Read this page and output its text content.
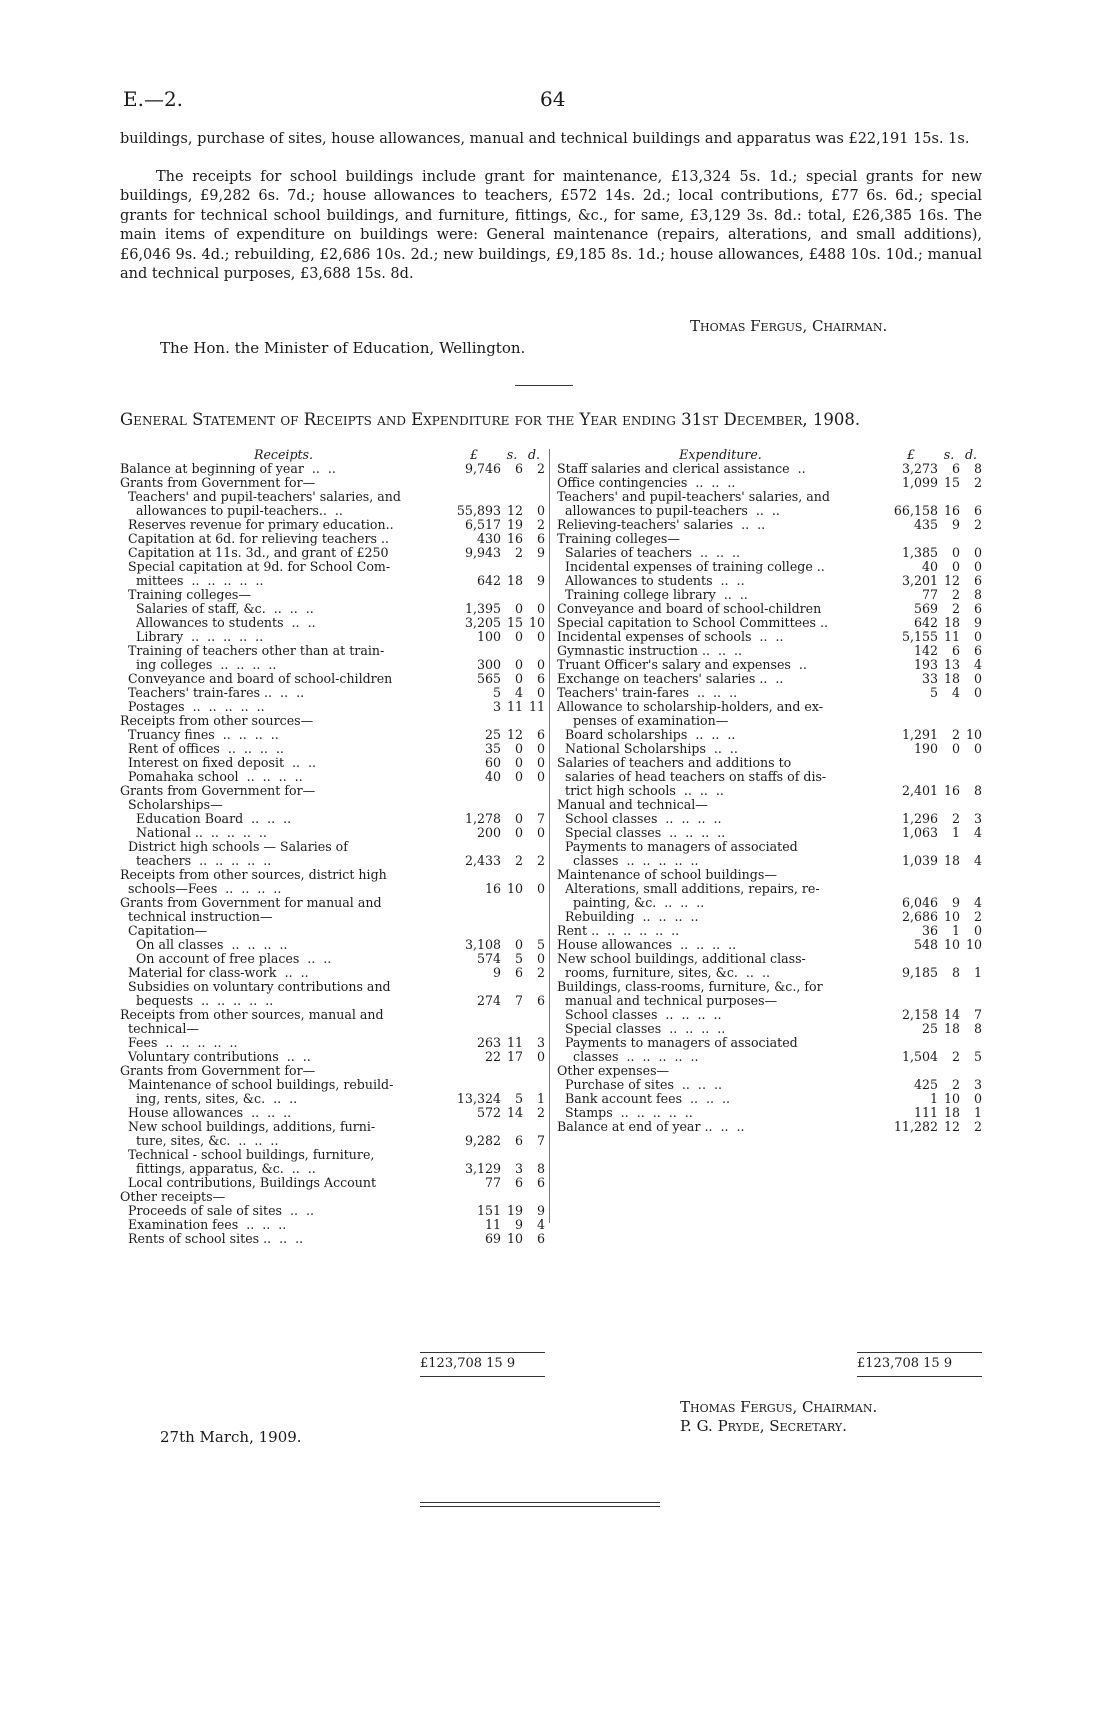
E.—2.	64
buildings, purchase of sites, house allowances, manual and technical buildings and apparatus was £22,191 15s. 1s.
The receipts for school buildings include grant for maintenance, £13,324 5s. 1d.; special grants for new buildings, £9,282 6s. 7d.; house allowances to teachers, £572 14s. 2d.; local contributions, £77 6s. 6d.; special grants for technical school buildings, and furniture, fittings, &c., for same, £3,129 3s. 8d.: total, £26,385 16s. The main items of expenditure on buildings were: General maintenance (repairs, alterations, and small additions), £6,046 9s. 4d.; rebuilding, £2,686 10s. 2d.; new buildings, £9,185 8s. 1d.; house allowances, £488 10s. 10d.; manual and technical purposes, £3,688 15s. 8d.
Thomas Fergus, Chairman.
The Hon. the Minister of Education, Wellington.
General Statement of Receipts and Expenditure for the Year ending 31st December, 1908.
Receipts.	£	s.	d.
Balance at beginning of year  ..  ..	9,746	6	2
Grants from Government for—			
Teachers' and pupil-teachers' salaries, and			
allowances to pupil-teachers..  ..	55,893	12	0
Reserves revenue for primary education..	6,517	19	2
Capitation at 6d. for relieving teachers ..	430	16	6
Capitation at 11s. 3d., and grant of £250	9,943	2	9
Special capitation at 9d. for School Com-			
mittees  ..  ..  ..  ..  ..	642	18	9
Training colleges—			
Salaries of staff, &c.  ..  ..  ..	1,395	0	0
Allowances to students  ..  ..	3,205	15	10
Library  ..  ..  ..  ..  ..	100	0	0
Training of teachers other than at train-			
ing colleges  ..  ..  ..  ..	300	0	0
Conveyance and board of school-children	565	0	6
Teachers' train-fares ..  ..  ..	5	4	0
Postages  ..  ..  ..  ..  ..	3	11	11
Receipts from other sources—			
Truancy fines  ..  ..  ..  ..	25	12	6
Rent of offices  ..  ..  ..  ..	35	0	0
Interest on fixed deposit  ..  ..	60	0	0
Pomahaka school  ..  ..  ..  ..	40	0	0
Grants from Government for—			
Scholarships—			
Education Board  ..  ..  ..	1,278	0	7
National ..  ..  ..  ..  ..	200	0	0
District high schools — Salaries of			
teachers  ..  ..  ..  ..  ..	2,433	2	2
Receipts from other sources, district high			
schools—Fees  ..  ..  ..  ..	16	10	0
Grants from Government for manual and			
technical instruction—			
Capitation—			
On all classes  ..  ..  ..  ..	3,108	0	5
On account of free places  ..  ..	574	5	0
Material for class-work  ..  ..	9	6	2
Subsidies on voluntary contributions and			
bequests  ..  ..  ..  ..  ..	274	7	6
Receipts from other sources, manual and			
technical—			
Fees  ..  ..  ..  ..  ..	263	11	3
Voluntary contributions  ..  ..	22	17	0
Grants from Government for—			
Maintenance of school buildings, rebuild-			
ing, rents, sites, &c.  ..  ..	13,324	5	1
House allowances  ..  ..  ..	572	14	2
New school buildings, additions, furni-			
ture, sites, &c.  ..  ..  ..	9,282	6	7
Technical - school buildings, furniture,			
fittings, apparatus, &c.  ..  ..	3,129	3	8
Local contributions, Buildings Account	77	6	6
Other receipts—			
Proceeds of sale of sites  ..  ..	151	19	9
Examination fees  ..  ..  ..	11	9	4
Rents of school sites ..  ..  ..	69	10	6
Expenditure.	£	s.	d.
Staff salaries and clerical assistance  ..	3,273	6	8
Office contingencies  ..  ..  ..	1,099	15	2
Teachers' and pupil-teachers' salaries, and			
allowances to pupil-teachers  ..  ..	66,158	16	6
Relieving-teachers' salaries  ..  ..	435	9	2
Training colleges—			
Salaries of teachers  ..  ..  ..	1,385	0	0
Incidental expenses of training college ..	40	0	0
Allowances to students  ..  ..	3,201	12	6
Training college library  ..  ..	77	2	8
Conveyance and board of school-children	569	2	6
Special capitation to School Committees ..	642	18	9
Incidental expenses of schools  ..  ..	5,155	11	0
Gymnastic instruction ..  ..  ..	142	6	6
Truant Officer's salary and expenses  ..	193	13	4
Exchange on teachers' salaries ..  ..	33	18	0
Teachers' train-fares  ..  ..  ..	5	4	0
Allowance to scholarship-holders, and ex-			
penses of examination—			
Board scholarships  ..  ..  ..	1,291	2	10
National Scholarships  ..  ..	190	0	0
Salaries of teachers and additions to			
salaries of head teachers on staffs of dis-			
trict high schools  ..  ..  ..	2,401	16	8
Manual and technical—			
School classes  ..  ..  ..  ..	1,296	2	3
Special classes  ..  ..  ..  ..	1,063	1	4
Payments to managers of associated			
classes  ..  ..  ..  ..  ..	1,039	18	4
Maintenance of school buildings—			
Alterations, small additions, repairs, re-			
painting, &c.  ..  ..  ..	6,046	9	4
Rebuilding  ..  ..  ..  ..	2,686	10	2
Rent ..  ..  ..  ..  ..  ..	36	1	0
House allowances  ..  ..  ..  ..	548	10	10
New school buildings, additional class-			
rooms, furniture, sites, &c.  ..  ..	9,185	8	1
Buildings, class-rooms, furniture, &c., for			
manual and technical purposes—			
School classes  ..  ..  ..  ..	2,158	14	7
Special classes  ..  ..  ..  ..	25	18	8
Payments to managers of associated			
classes  ..  ..  ..  ..  ..	1,504	2	5
Other expenses—			
Purchase of sites  ..  ..  ..	425	2	3
Bank account fees  ..  ..  ..	1	10	0
Stamps  ..  ..  ..  ..  ..	111	18	1
Balance at end of year ..  ..  ..	11,282	12	2
£123,708 15 9	£123,708 15 9
27th March, 1909.
Thomas Fergus, Chairman.
P. G. Pryde, Secretary.
